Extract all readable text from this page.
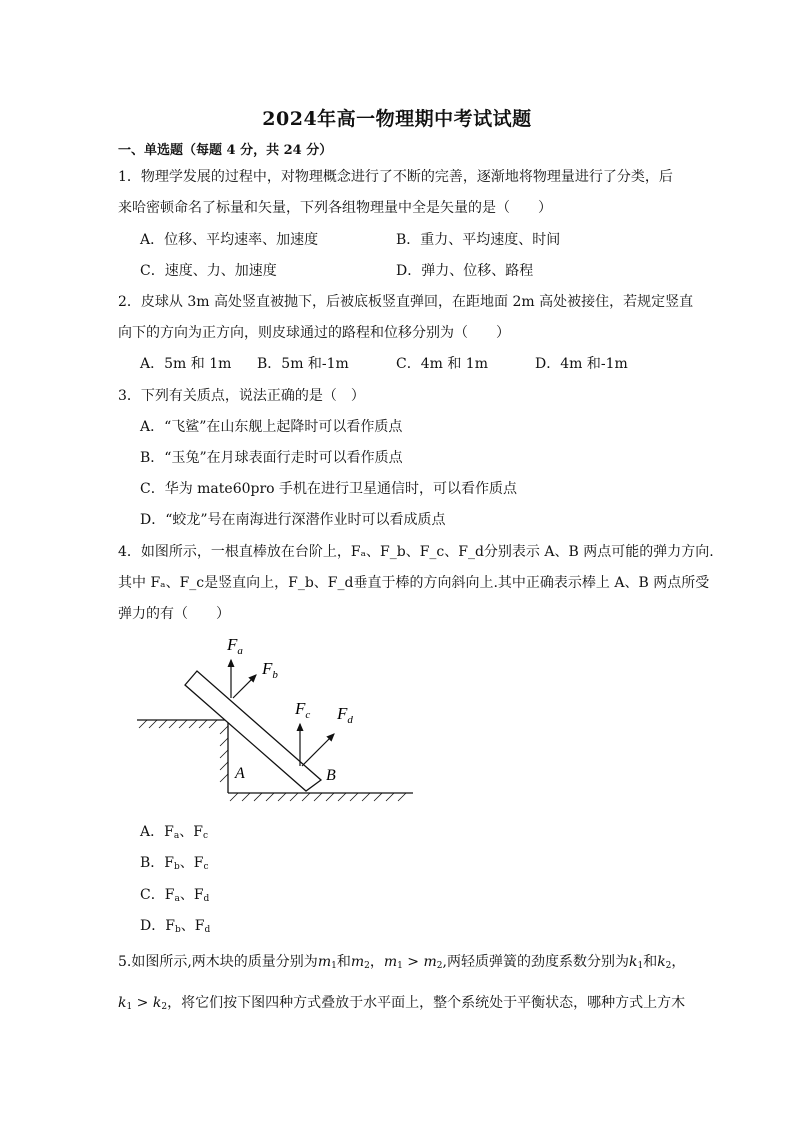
2024年高一物理期中考试试题
一、单选题（每题 4 分，共 24 分）
1．物理学发展的过程中，对物理概念进行了不断的完善，逐渐地将物理量进行了分类，后
来哈密顿命名了标量和矢量，下列各组物理量中全是矢量的是（　　）
A．位移、平均速率、加速度	B．重力、平均速度、时间
C．速度、力、加速度	D．弹力、位移、路程
2．皮球从 3m 高处竖直被抛下，后被底板竖直弹回，在距地面 2m 高处被接住，若规定竖直
向下的方向为正方向，则皮球通过的路程和位移分别为（　　）
A．5m 和 1m B．5m 和-1m	C．4m 和 1m	D．4m 和-1m
3．下列有关质点，说法正确的是（　）
A．“飞鲨”在山东舰上起降时可以看作质点
B．“玉兔”在月球表面行走时可以看作质点
C．华为 mate60pro 手机在进行卫星通信时，可以看作质点
D．“蛟龙”号在南海进行深潜作业时可以看成质点
4．如图所示，一根直棒放在台阶上，Fₐ、F_b、F_c、F_d分别表示 A、B 两点可能的弹力方向.
其中 Fₐ、F_c是竖直向上，F_b、F_d垂直于棒的方向斜向上.其中正确表示棒上 A、B 两点所受
弹力的有（　　）
$F_a$
$F_b$
$F_c$ $F_d$
A	B
A．$F_a$、$F_c$
B．$F_b$、$F_c$
C．$F_a$、$F_d$
D．$F_b$、$F_d$
5.如图所示,两木块的质量分别为$m_1$和$m_2$，$m_1 > m_2$,两轻质弹簧的劲度系数分别为$k_1$和$k_2$，
$k_1 > k_2$，将它们按下图四种方式叠放于水平面上，整个系统处于平衡状态，哪种方式上方木
